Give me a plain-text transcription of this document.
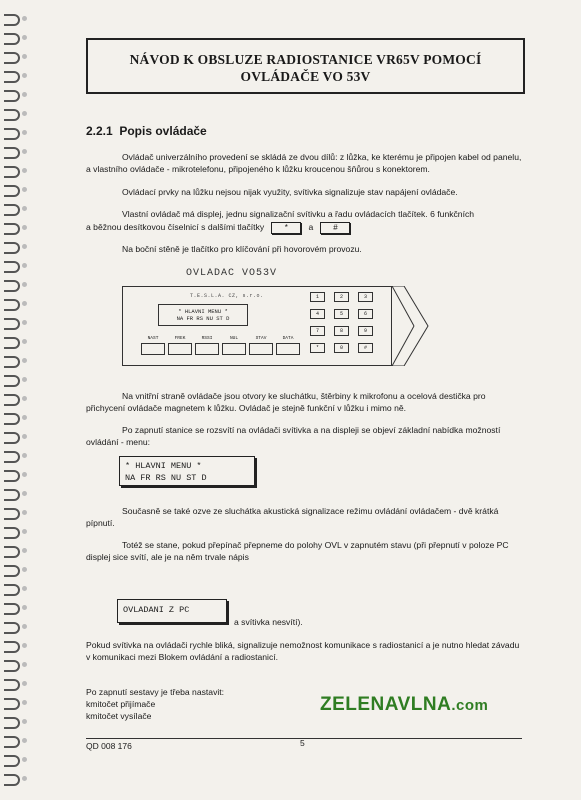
NÁVOD K OBSLUZE RADIOSTANICE VR65V POMOCÍ
OVLÁDAČE VO 53V
2.2.1 Popis ovládače
Ovládač univerzálního provedení se skládá ze dvou dílů: z lůžka, ke kterému je připojen kabel od panelu, a vlastního ovládače - mikrotelefonu, připojeného k lůžku kroucenou šňůrou s konektorem.
Ovládací prvky na lůžku nejsou nijak využity, svítivka signalizuje stav napájení ovládače.
Vlastní ovládač má displej, jednu signalizační svítivku a řadu ovládacích tlačítek. 6 funkčních
a běžnou desítkovou číselnicí s dalšími tlačítky	* a #
Na boční stěně je tlačítko pro klíčování při hovorovém provozu.
OVLADAC VO53V
T.E.S.L.A. CZ, s.r.o.
* HLAVNI MENU *
NA FR RS NU ST D
NAST	FREK	RSSI	NUL	STAV	DATA
1	2	3
4	5	6
7	8	9
*	0	#
Na vnitřní straně ovládače jsou otvory ke sluchátku, štěrbiny k mikrofonu a ocelová destička pro přichycení ovládače magnetem k lůžku. Ovládač je stejně funkční v lůžku i mimo ně.
Po zapnutí stanice se rozsvítí na ovládači svítivka a na displeji se objeví základní nabídka možností ovládání - menu:
* HLAVNI MENU *
NA FR RS NU ST D
Současně se také ozve ze sluchátka akustická signalizace režimu ovládání ovládačem - dvě krátká pípnutí.
Totéž se stane, pokud přepínač přepneme do polohy OVL v zapnutém stavu (při přepnutí v poloze PC displej sice svítí, ale je na něm trvale nápis
OVLADANI Z PC
a svítivka nesvítí).
Pokud svítivka na ovládači rychle bliká, signalizuje nemožnost komunikace s radiostanicí a je nutno hledat závadu v komunikaci mezi Blokem ovládání a radiostanicí.
Po zapnutí sestavy je třeba nastavit:
kmitočet přijímače
kmitočet vysílače
ZELENAVLNA.com
QD 008 176	5
